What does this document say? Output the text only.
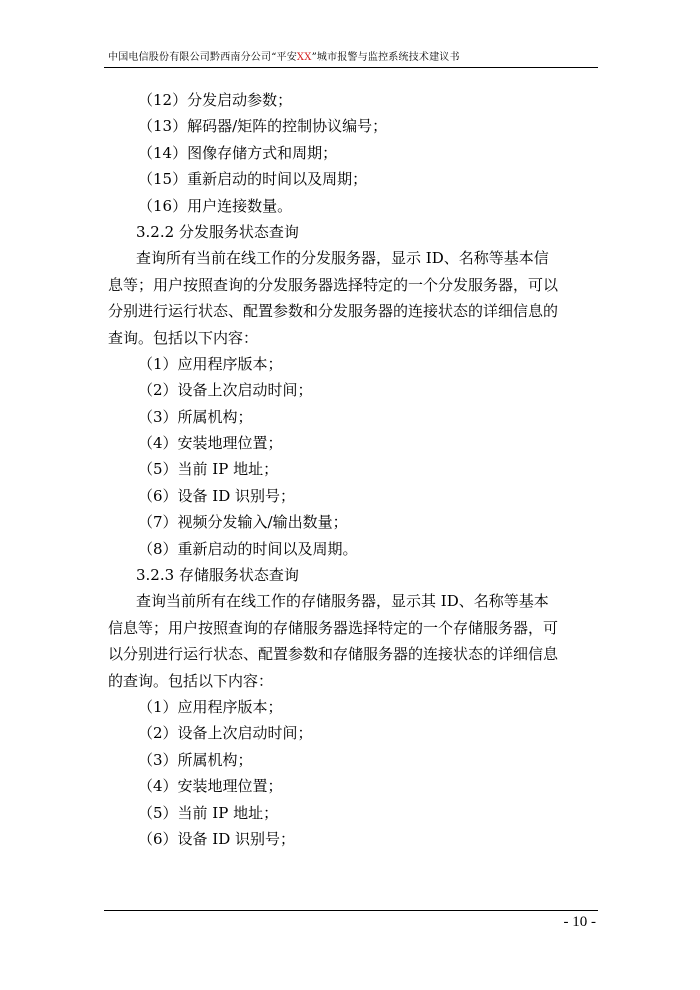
中国电信股份有限公司黔西南分公司“平安XX”城市报警与监控系统技术建议书
（12）分发启动参数；
（13）解码器/矩阵的控制协议编号；
（14）图像存储方式和周期；
（15）重新启动的时间以及周期；
（16）用户连接数量。
3.2.2 分发服务状态查询
查询所有当前在线工作的分发服务器，显示 ID、名称等基本信
息等；用户按照查询的分发服务器选择特定的一个分发服务器，可以
分别进行运行状态、配置参数和分发服务器的连接状态的详细信息的
查询。包括以下内容：
（1）应用程序版本；
（2）设备上次启动时间；
（3）所属机构；
（4）安装地理位置；
（5）当前 IP 地址；
（6）设备 ID 识别号；
（7）视频分发输入/输出数量；
（8）重新启动的时间以及周期。
3.2.3 存储服务状态查询
查询当前所有在线工作的存储服务器，显示其 ID、名称等基本
信息等；用户按照查询的存储服务器选择特定的一个存储服务器，可
以分别进行运行状态、配置参数和存储服务器的连接状态的详细信息
的查询。包括以下内容：
（1）应用程序版本；
（2）设备上次启动时间；
（3）所属机构；
（4）安装地理位置；
（5）当前 IP 地址；
（6）设备 ID 识别号；
- 10 -
